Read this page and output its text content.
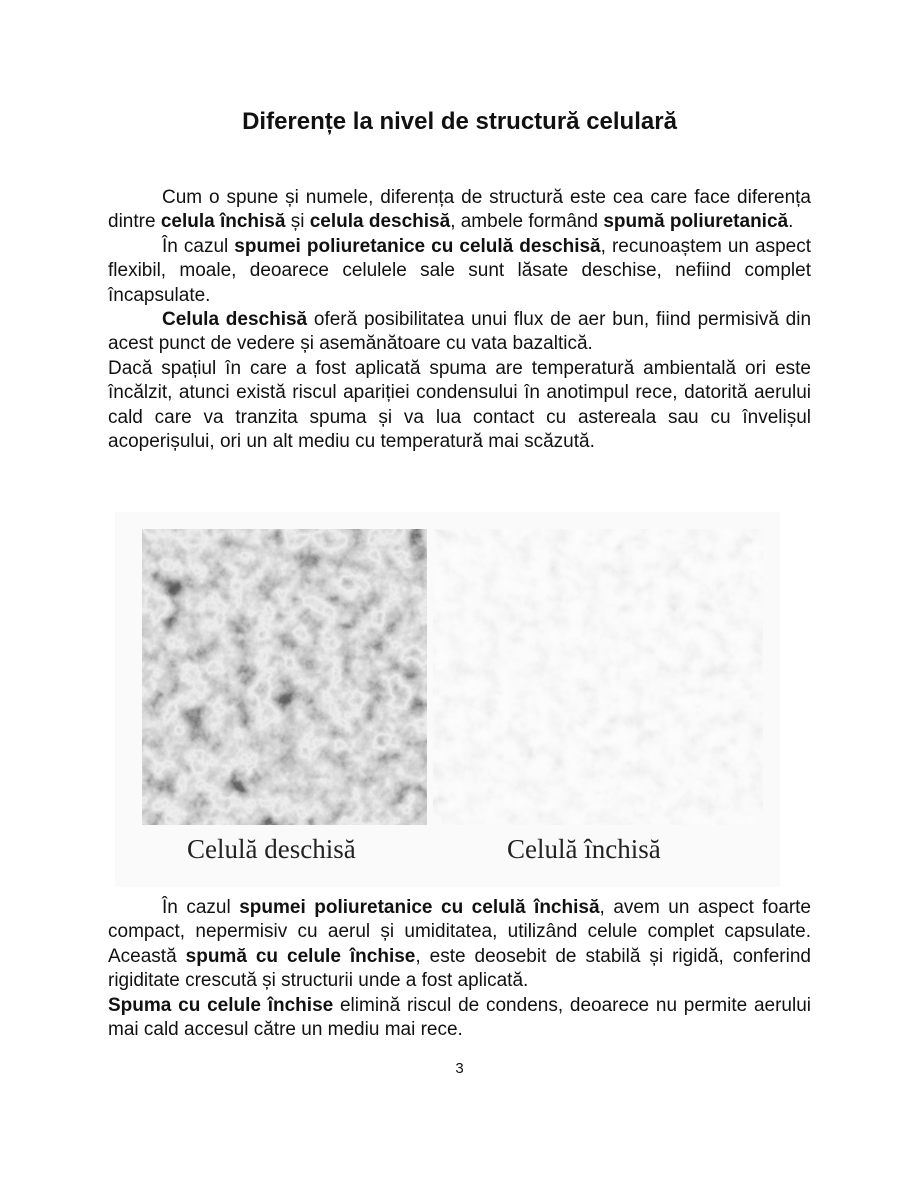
Diferențe la nivel de structură celulară

Cum o spune și numele, diferența de structură este cea care face diferența dintre celula închisă și celula deschisă, ambele formând spumă poliuretanică.

În cazul spumei poliuretanice cu celulă deschisă, recunoaștem un aspect flexibil, moale, deoarece celulele sale sunt lăsate deschise, nefiind complet încapsulate.

Celula deschisă oferă posibilitatea unui flux de aer bun, fiind permisivă din acest punct de vedere și asemănătoare cu vata bazaltică.

Dacă spațiul în care a fost aplicată spuma are temperatură ambientală ori este încălzit, atunci există riscul apariției condensului în anotimpul rece, datorită aerului cald care va tranzita spuma și va lua contact cu astereala sau cu învelișul acoperișului, ori un alt mediu cu temperatură mai scăzută.

Celulă deschisă	Celulă închisă

În cazul spumei poliuretanice cu celulă închisă, avem un aspect foarte compact, nepermisiv cu aerul și umiditatea, utilizând celule complet capsulate. Această spumă cu celule închise, este deosebit de stabilă și rigidă, conferind rigiditate crescută și structurii unde a fost aplicată.

Spuma cu celule închise elimină riscul de condens, deoarece nu permite aerului mai cald accesul către un mediu mai rece.

3
